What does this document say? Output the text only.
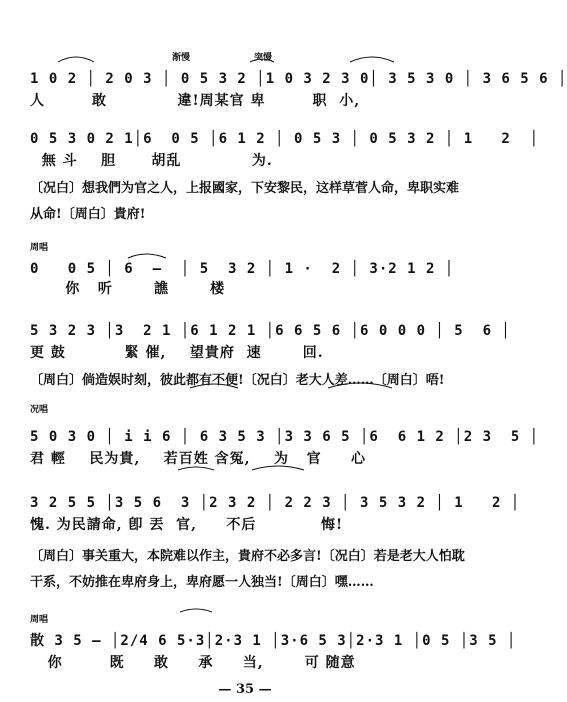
渐慢	突慢
1 0 2 │ 2 0 3 │ 0 5 3 2 │1 0 3 2 3 0│ 3 5 3 0 │ 3 6 5 6 │
人        敢            違!周某官 卑        职  小,
0 5 3 0 2 1│6  0 5 │6 1 2 │ 0 5 3 │ 0 5 3 2 │ 1   2  │
無 斗    胆      胡乱            为.
〔况白〕想我們为官之人，上报國家，下安黎民，这样草菅人命，卑职实难从命!〔周白〕貴府!
周唱
0   0 5 │ 6  –  │ 5  3 2 │ 1 ·  2 │ 3·2 1 2 │
你   听       譙       楼
5 3 2 3 │3  2 1 │6 1 2 1 │6 6 5 6 │6 0 0 0 │ 5  6 │
更 鼓          緊 催,    望貴府  速       回.
〔周白〕倘造娱时刻，彼此都有不便!〔况白〕老大人差……〔周白〕唔!
况唱
5 0 3 0 │ i i 6 │ 6 3 5 3 │3 3 6 5 │6  6 1 2 │2 3  5 │
君 輕    民为貴,    若百姓 含冤,    为   官     心
3 2 5 5 │3 5 6  3 │2 3 2 │ 2 2 3 │ 3 5 3 2 │ 1   2 │
愧. 为民請命, 卽 丟  官,     不后           悔!
〔周白〕事关重大，本院难以作主，貴府不必多言!〔况白〕若是老大人怕耽干系，不妨推在卑府身上，卑府愿一人独当!〔周白〕嘿……
周唱
散 3 5 – │2/4 6 5·3│2·3 1 │3·6 5 3│2·3 1 │0 5 │3 5 │
你        既     敢     承     当,       可 随意
— 35 —
